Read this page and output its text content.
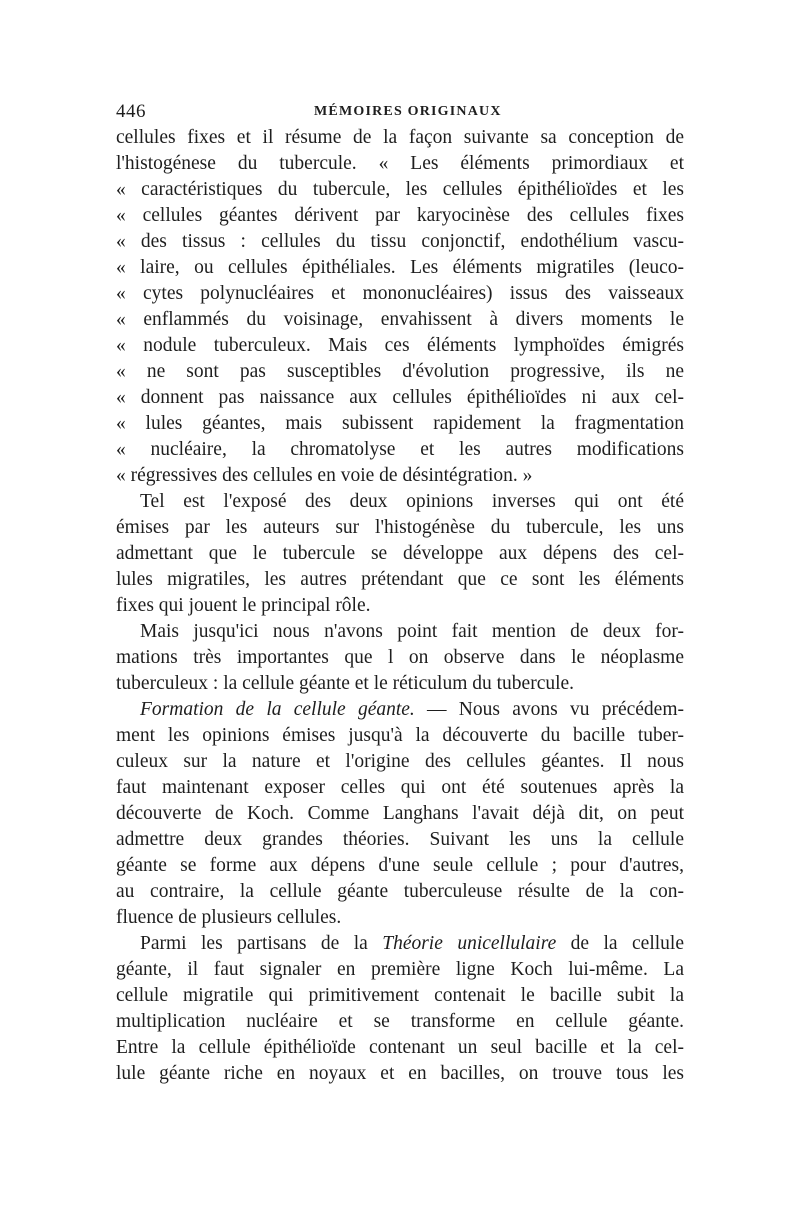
446	MÉMOIRES ORIGINAUX
cellules fixes et il résume de la façon suivante sa conception de
l'histogénese du tubercule. « Les éléments primordiaux et
« caractéristiques du tubercule, les cellules épithélioïdes et les
« cellules géantes dérivent par karyocinèse des cellules fixes
« des tissus : cellules du tissu conjonctif, endothélium vascu-
« laire, ou cellules épithéliales. Les éléments migratiles (leuco-
« cytes polynucléaires et mononucléaires) issus des vaisseaux
« enflammés du voisinage, envahissent à divers moments le
« nodule tuberculeux. Mais ces éléments lymphoïdes émigrés
« ne sont pas susceptibles d'évolution progressive, ils ne
« donnent pas naissance aux cellules épithélioïdes ni aux cel-
« lules géantes, mais subissent rapidement la fragmentation
« nucléaire, la chromatolyse et les autres modifications
« régressives des cellules en voie de désintégration. »
Tel est l'exposé des deux opinions inverses qui ont été
émises par les auteurs sur l'histogénèse du tubercule, les uns
admettant que le tubercule se développe aux dépens des cel-
lules migratiles, les autres prétendant que ce sont les éléments
fixes qui jouent le principal rôle.
Mais jusqu'ici nous n'avons point fait mention de deux for-
mations très importantes que l on observe dans le néoplasme
tuberculeux : la cellule géante et le réticulum du tubercule.
Formation de la cellule géante. — Nous avons vu précédem-
ment les opinions émises jusqu'à la découverte du bacille tuber-
culeux sur la nature et l'origine des cellules géantes. Il nous
faut maintenant exposer celles qui ont été soutenues après la
découverte de Koch. Comme Langhans l'avait déjà dit, on peut
admettre deux grandes théories. Suivant les uns la cellule
géante se forme aux dépens d'une seule cellule ; pour d'autres,
au contraire, la cellule géante tuberculeuse résulte de la con-
fluence de plusieurs cellules.
Parmi les partisans de la Théorie unicellulaire de la cellule
géante, il faut signaler en première ligne Koch lui-même. La
cellule migratile qui primitivement contenait le bacille subit la
multiplication nucléaire et se transforme en cellule géante.
Entre la cellule épithélioïde contenant un seul bacille et la cel-
lule géante riche en noyaux et en bacilles, on trouve tous les
